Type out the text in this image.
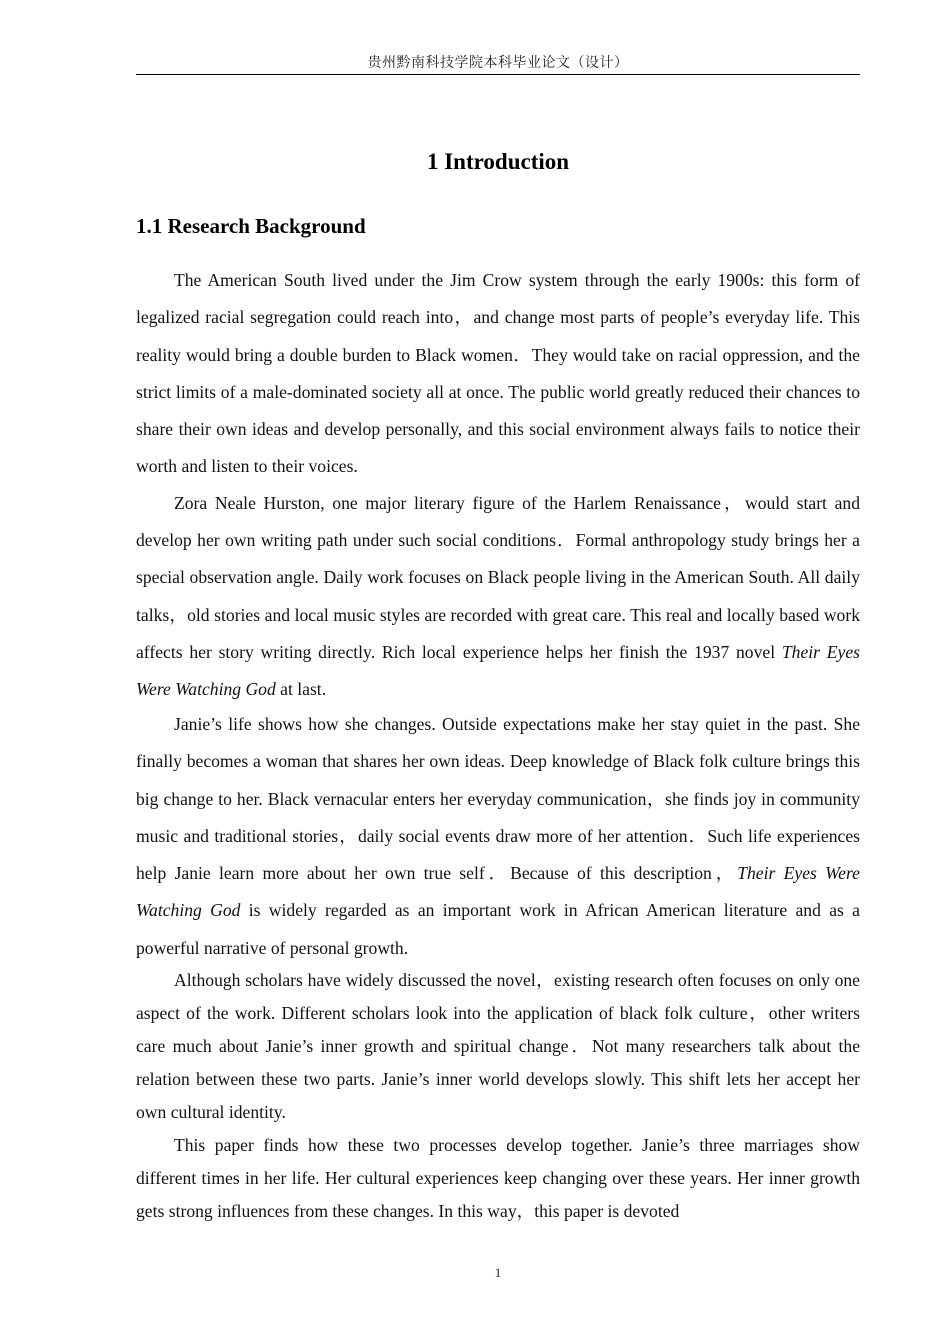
贵州黔南科技学院本科毕业论文（设计）
1 Introduction
1.1 Research Background

The American South lived under the Jim Crow system through the early 1900s: this form of legalized racial segregation could reach into，and change most parts of people’s everyday life. This reality would bring a double burden to Black women．They would take on racial oppression, and the strict limits of a male-dominated society all at once. The public world greatly reduced their chances to share their own ideas and develop personally, and this social environment always fails to notice their worth and listen to their voices.

Zora Neale Hurston, one major literary figure of the Harlem Renaissance，would start and develop her own writing path under such social conditions．Formal anthropology study brings her a special observation angle. Daily work focuses on Black people living in the American South. All daily talks，old stories and local music styles are recorded with great care. This real and locally based work affects her story writing directly. Rich local experience helps her finish the 1937 novel Their Eyes Were Watching God at last.

Janie’s life shows how she changes. Outside expectations make her stay quiet in the past. She finally becomes a woman that shares her own ideas. Deep knowledge of Black folk culture brings this big change to her. Black vernacular enters her everyday communication，she finds joy in community music and traditional stories，daily social events draw more of her attention．Such life experiences help Janie learn more about her own true self．Because of this description，Their Eyes Were Watching God is widely regarded as an important work in African American literature and as a powerful narrative of personal growth.

Although scholars have widely discussed the novel，existing research often focuses on only one aspect of the work. Different scholars look into the application of black folk culture，other writers care much about Janie’s inner growth and spiritual change．Not many researchers talk about the relation between these two parts. Janie’s inner world develops slowly. This shift lets her accept her own cultural identity.

This paper finds how these two processes develop together. Janie’s three marriages show different times in her life. Her cultural experiences keep changing over these years. Her inner growth gets strong influences from these changes. In this way，this paper is devoted

1
